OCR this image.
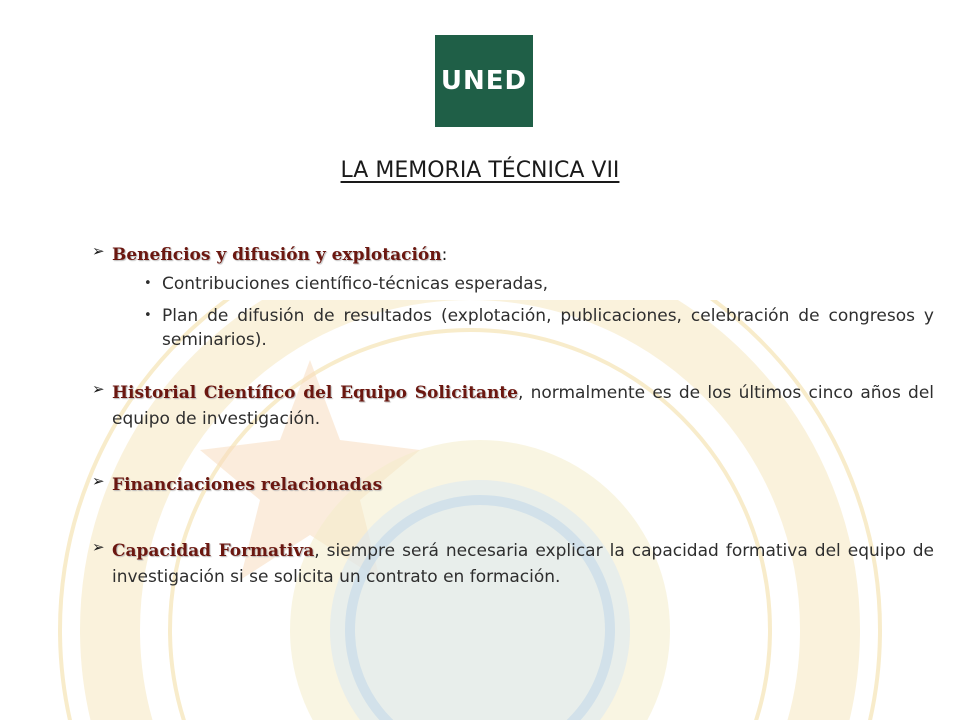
UNED
LA MEMORIA TÉCNICA VII
➢ Beneficios y difusión y explotación:
• Contribuciones científico-técnicas esperadas,
• Plan de difusión de resultados (explotación, publicaciones, celebración de congresos y seminarios).
➢ Historial Científico del Equipo Solicitante, normalmente es de los últimos cinco años del equipo de investigación.
➢ Financiaciones relacionadas
➢ Capacidad Formativa, siempre será necesaria explicar la capacidad formativa del equipo de investigación si se solicita un contrato en formación.
